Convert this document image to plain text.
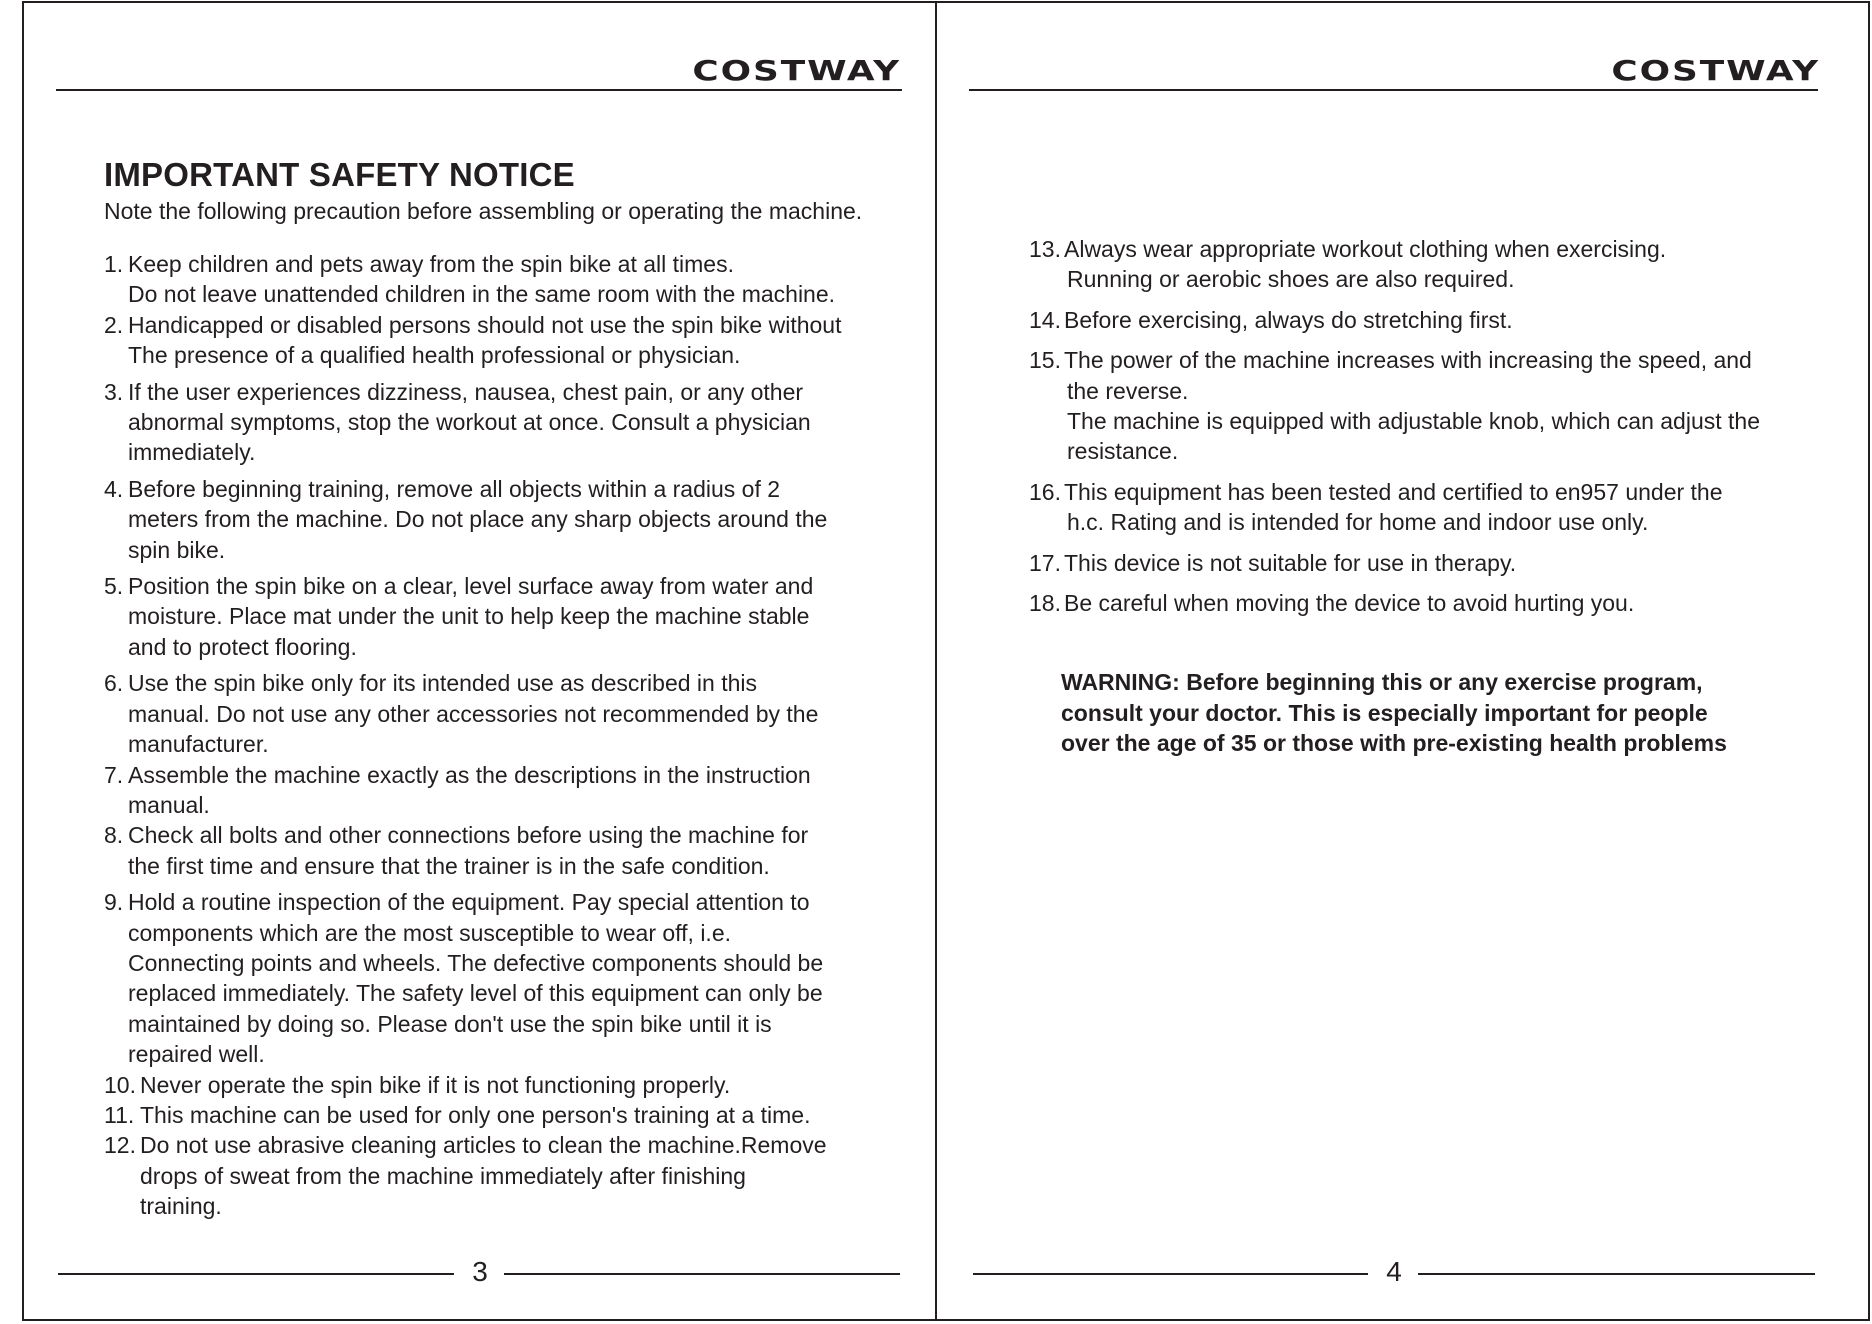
COSTWAY
IMPORTANT SAFETY NOTICE
Note the following precaution before assembling or operating the machine.
1. Keep children and pets away from the spin bike at all times.
Do not leave unattended children in the same room with the machine.
2. Handicapped or disabled persons should not use the spin bike without
The presence of a qualified health professional or physician.
3. If the user experiences dizziness, nausea, chest pain, or any other
abnormal symptoms, stop the workout at once. Consult a physician
immediately.
4. Before beginning training, remove all objects within a radius of 2
meters from the machine. Do not place any sharp objects around the
spin bike.
5. Position the spin bike on a clear, level surface away from water and
moisture. Place mat under the unit to help keep the machine stable
and to protect flooring.
6. Use the spin bike only for its intended use as described in this
manual. Do not use any other accessories not recommended by the
manufacturer.
7. Assemble the machine exactly as the descriptions in the instruction
manual.
8. Check all bolts and other connections before using the machine for
the first time and ensure that the trainer is in the safe condition.
9. Hold a routine inspection of the equipment. Pay special attention to
components which are the most susceptible to wear off, i.e.
Connecting points and wheels. The defective components should be
replaced immediately. The safety level of this equipment can only be
maintained by doing so. Please don't use the spin bike until it is
repaired well.
10. Never operate the spin bike if it is not functioning properly.
11. This machine can be used for only one person's training at a time.
12. Do not use abrasive cleaning articles to clean the machine.Remove
drops of sweat from the machine immediately after finishing
training.
3
COSTWAY
13. Always wear appropriate workout clothing when exercising.
Running or aerobic shoes are also required.
14. Before exercising, always do stretching first.
15. The power of the machine increases with increasing the speed, and
the reverse.
The machine is equipped with adjustable knob, which can adjust the
resistance.
16. This equipment has been tested and certified to en957 under the
h.c. Rating and is intended for home and indoor use only.
17. This device is not suitable for use in therapy.
18. Be careful when moving the device to avoid hurting you.
WARNING: Before beginning this or any exercise program,
consult your doctor. This is especially important for people
over the age of 35 or those with pre-existing health problems
4
